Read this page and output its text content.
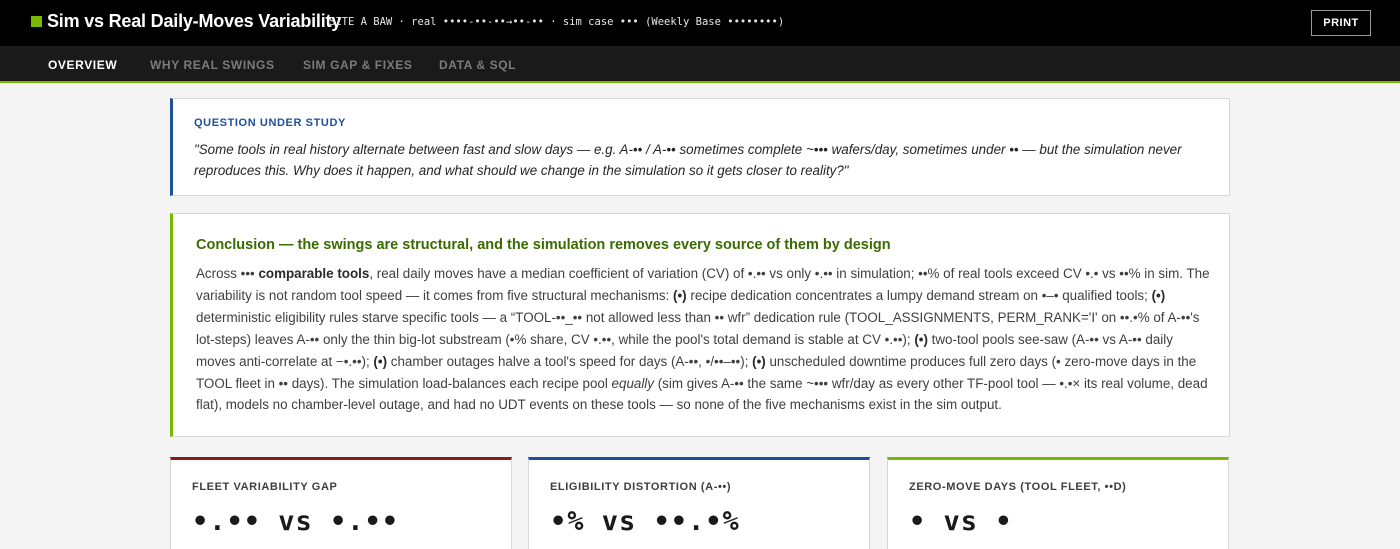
Sim vs Real Daily-Moves Variability
SITE A BAW · real ••••-••-••→••-•• · sim case ••• (Weekly Base ••••••••)	PRINT
OVERVIEW	WHY REAL SWINGS SIM GAP & FIXES DATA & SQL
QUESTION UNDER STUDY
"Some tools in real history alternate between fast and slow days — e.g. A-•• / A-•• sometimes complete ~••• wafers/day, sometimes under •• — but the simulation never reproduces this. Why does it happen, and what should we change in the simulation so it gets closer to reality?"
Conclusion — the swings are structural, and the simulation removes every source of them by design
Across ••• comparable tools, real daily moves have a median coefficient of variation (CV) of •.•• vs only •.•• in simulation; ••% of real tools exceed CV •.• vs ••% in sim. The variability is not random tool speed — it comes from five structural mechanisms: (•) recipe dedication concentrates a lumpy demand stream on •–• qualified tools; (•) deterministic eligibility rules starve specific tools — a “TOOL-••_•• not allowed less than •• wfr” dedication rule (TOOL_ASSIGNMENTS, PERM_RANK='I' on ••.•% of A-••'s lot-steps) leaves A-•• only the thin big-lot substream (•% share, CV •.••, while the pool's total demand is stable at CV •.••); (•) two-tool pools see-saw (A-•• vs A-•• daily moves anti-correlate at −•.••); (•) chamber outages halve a tool's speed for days (A-••, •/••–••); (•) unscheduled downtime produces full zero days (• zero-move days in the TOOL fleet in •• days). The simulation load-balances each recipe pool equally (sim gives A-•• the same ~••• wfr/day as every other TF-pool tool — •.•× its real volume, dead flat), models no chamber-level outage, and had no UDT events on these tools — so none of the five mechanisms exist in the sim output.
FLEET VARIABILITY GAP
•.•• vs •.••
ELIGIBILITY DISTORTION (A-••)
•% vs ••.•%
ZERO-MOVE DAYS (TOOL FLEET, ••D)
• vs •
